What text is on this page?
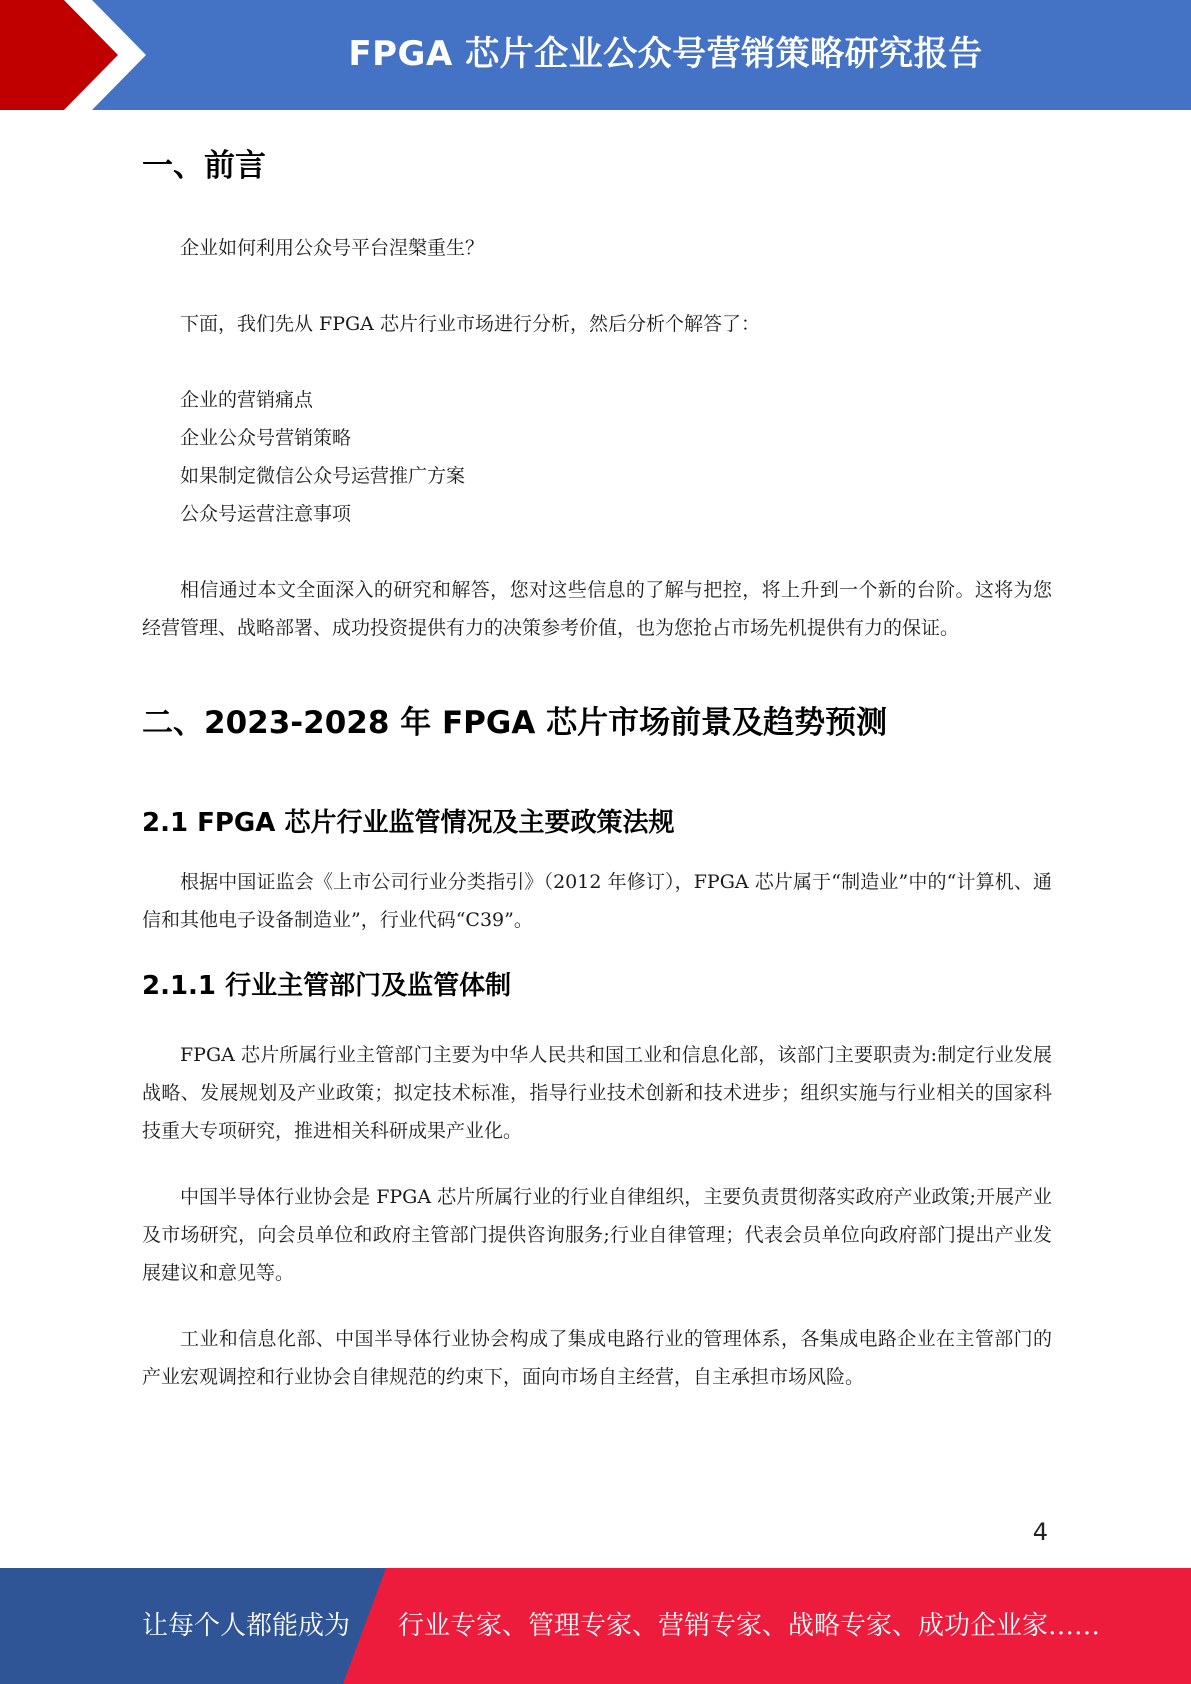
FPGA 芯片企业公众号营销策略研究报告
一、前言

企业如何利用公众号平台涅槃重生？

下面，我们先从 FPGA 芯片行业市场进行分析，然后分析个解答了：

企业的营销痛点
企业公众号营销策略
如果制定微信公众号运营推广方案
公众号运营注意事项

相信通过本文全面深入的研究和解答，您对这些信息的了解与把控，将上升到一个新的台阶。这将为您经营管理、战略部署、成功投资提供有力的决策参考价值，也为您抢占市场先机提供有力的保证。

二、2023-2028 年 FPGA 芯片市场前景及趋势预测
2.1 FPGA 芯片行业监管情况及主要政策法规

根据中国证监会《上市公司行业分类指引》（2012 年修订），FPGA 芯片属于“制造业”中的“计算机、通信和其他电子设备制造业”，行业代码“C39”。

2.1.1 行业主管部门及监管体制

FPGA 芯片所属行业主管部门主要为中华人民共和国工业和信息化部，该部门主要职责为:制定行业发展战略、发展规划及产业政策；拟定技术标准，指导行业技术创新和技术进步；组织实施与行业相关的国家科技重大专项研究，推进相关科研成果产业化。

中国半导体行业协会是 FPGA 芯片所属行业的行业自律组织，主要负责贯彻落实政府产业政策;开展产业及市场研究，向会员单位和政府主管部门提供咨询服务;行业自律管理；代表会员单位向政府部门提出产业发展建议和意见等。

工业和信息化部、中国半导体行业协会构成了集成电路行业的管理体系，各集成电路企业在主管部门的产业宏观调控和行业协会自律规范的约束下，面向市场自主经营，自主承担市场风险。

4
让每个人都能成为 行业专家、管理专家、营销专家、战略专家、成功企业家……
